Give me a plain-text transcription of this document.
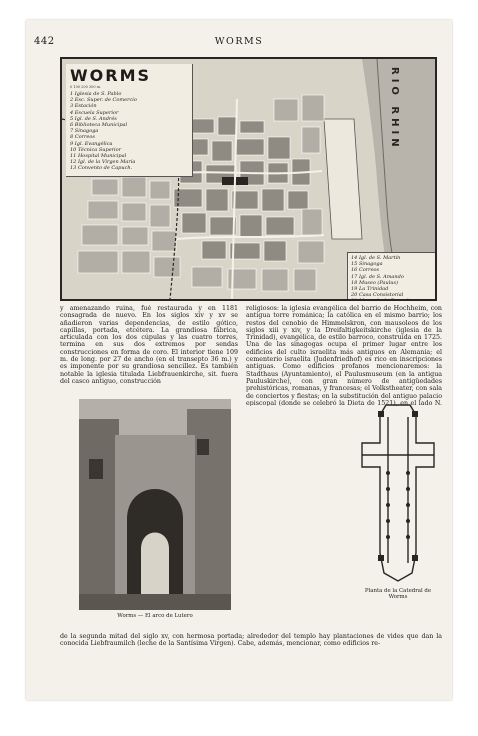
442	WORMS
WORMS
0 100 200 300 m.
1 Iglesia de S. Pablo
2 Esc. Super. de Comercio
3 Estación
4 Escuela Superior
5 Igl. de S. Andrés
6 Biblioteca Municipal
7 Sinagoga
8 Correos
9 Igl. Evangélica
10 Técnica Superior
11 Hospital Municipal
12 Igl. de la Virgen María
13 Convento de Capuch.
RIO RHIN
14 Igl. de S. Martín
15 Sinagoga
16 Correos
17 Igl. de S. Amando
18 Museo (Paulus)
19 La Trinidad
20 Casa Consistorial

y amenazando ruina, fué restaurada y en 1181 consagrada de nuevo. En los siglos xiv y xv se añadieron varias dependencias, de estilo gótico, capillas, portada, etcétera. La grandiosa fábrica, articulada con los dos cúpulas y las cuatro torres, termina en sus dos extremos por sendas construcciones en forma de coro. El interior tiene 109 m. de long. por 27 de ancho (en el transepto 36 m.) y es imponente por su grandiosa sencillez. Es también notable la iglesia titulada Liebfrauenkirche, sit. fuera del casco antiguo, construcción

religiosos: la iglesia evangélica del barrio de Hochheim, con antigua torre románica; la católica en el mismo barrio; los restos del cenobio de Himmelskron, con mausoleos de los siglos xiii y xiv, y la Dreifaltigkeitskirche (iglesia de la Trinidad), evangélica, de estilo barroco, construída en 1725. Una de las sinagogas ocupa el primer lugar entre los edificios del culto israelita más antiguos en Alemania; el cementerio israelita (Judenfriedhof) es rico en inscripciones antiguas. Como edificios profanos mencionaremos: la Stadthaus (Ayuntamiento), el Paulusmuseum (en la antigua Pauluskirche), con gran número de antigüedades prehistóricas, romanas, y francesas; el Volkstheater, con sala de conciertos y fiestas; en la substitución del antiguo palacio episcopal (donde se celebró la Dieta de 1521), en el lado N.

Worms — El arco de Lutero
Planta de la Catedral de Worms

de la segunda mitad del siglo xv, con hermosa portada; alrededor del templo hay plantaciones de vides que dan la conocida Liebfraumilch (leche de la Santísima Virgen). Cabe, además, mencionar, como edificios re-
